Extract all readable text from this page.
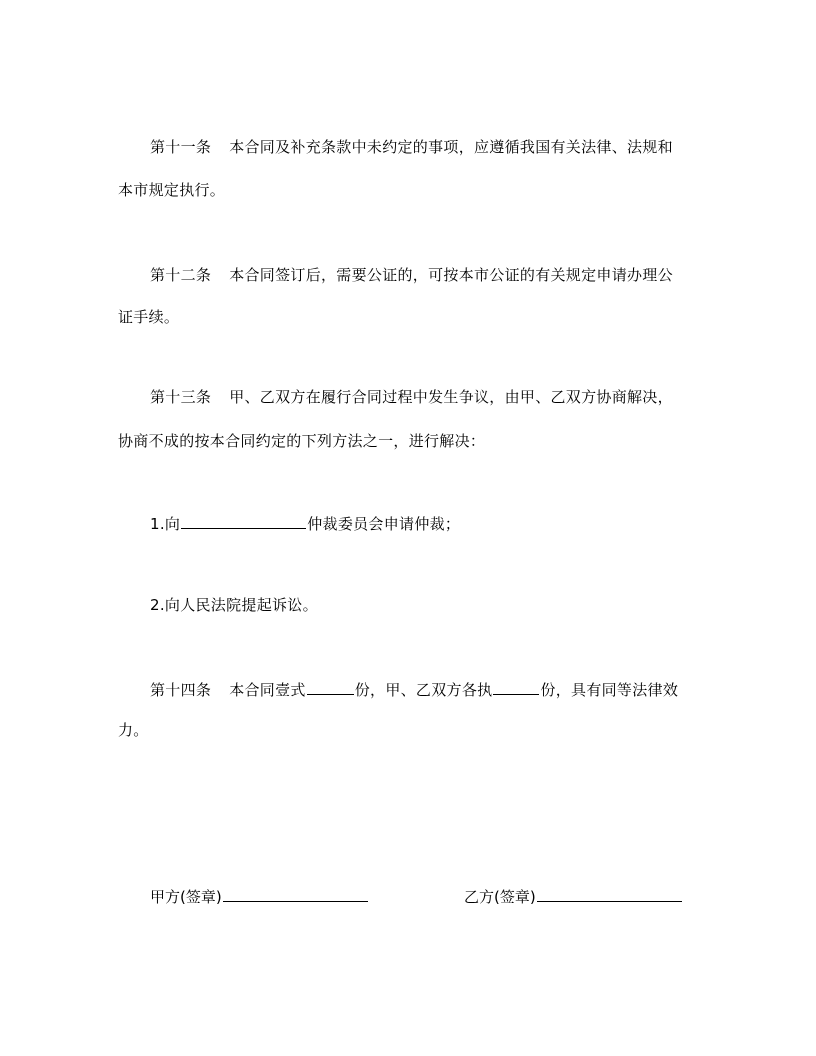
第十一条 本合同及补充条款中未约定的事项，应遵循我国有关法律、法规和
本市规定执行。
第十二条 本合同签订后，需要公证的，可按本市公证的有关规定申请办理公
证手续。
第十三条 甲、乙双方在履行合同过程中发生争议，由甲、乙双方协商解决，
协商不成的按本合同约定的下列方法之一，进行解决：
1.向	仲裁委员会申请仲裁；
2.向人民法院提起诉讼。
第十四条 本合同壹式	份，甲、乙双方各执	份，具有同等法律效
力。
甲方(签章)	乙方(签章)
